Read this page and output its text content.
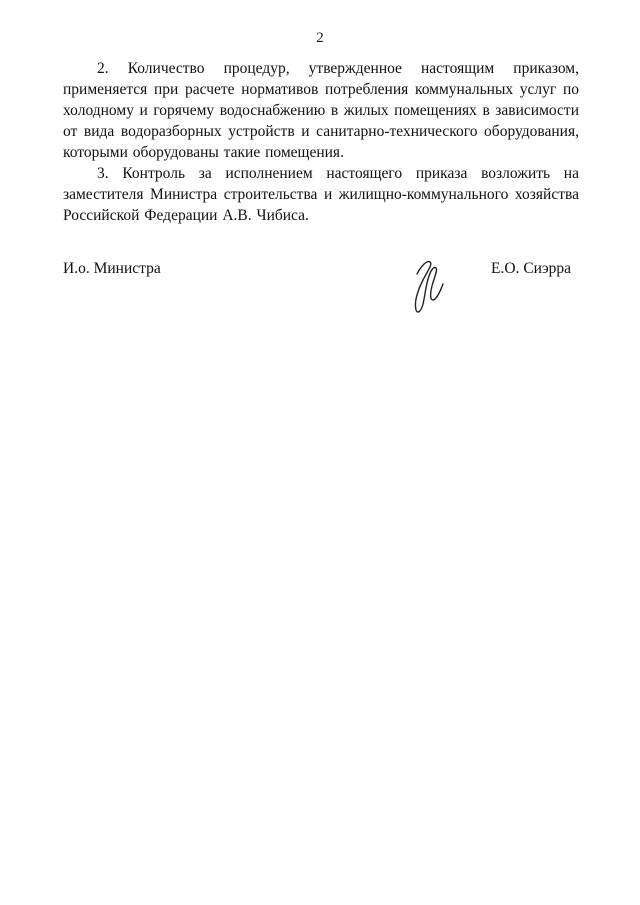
2

2. Количество процедур, утвержденное настоящим приказом, применяется при расчете нормативов потребления коммунальных услуг по холодному и горячему водоснабжению в жилых помещениях в зависимости от вида водоразборных устройств и санитарно-технического оборудования, которыми оборудованы такие помещения.

3. Контроль за исполнением настоящего приказа возложить на заместителя Министра строительства и жилищно-коммунального хозяйства Российской Федерации А.В. Чибиса.

И.о. Министра	Е.О. Сиэрра
